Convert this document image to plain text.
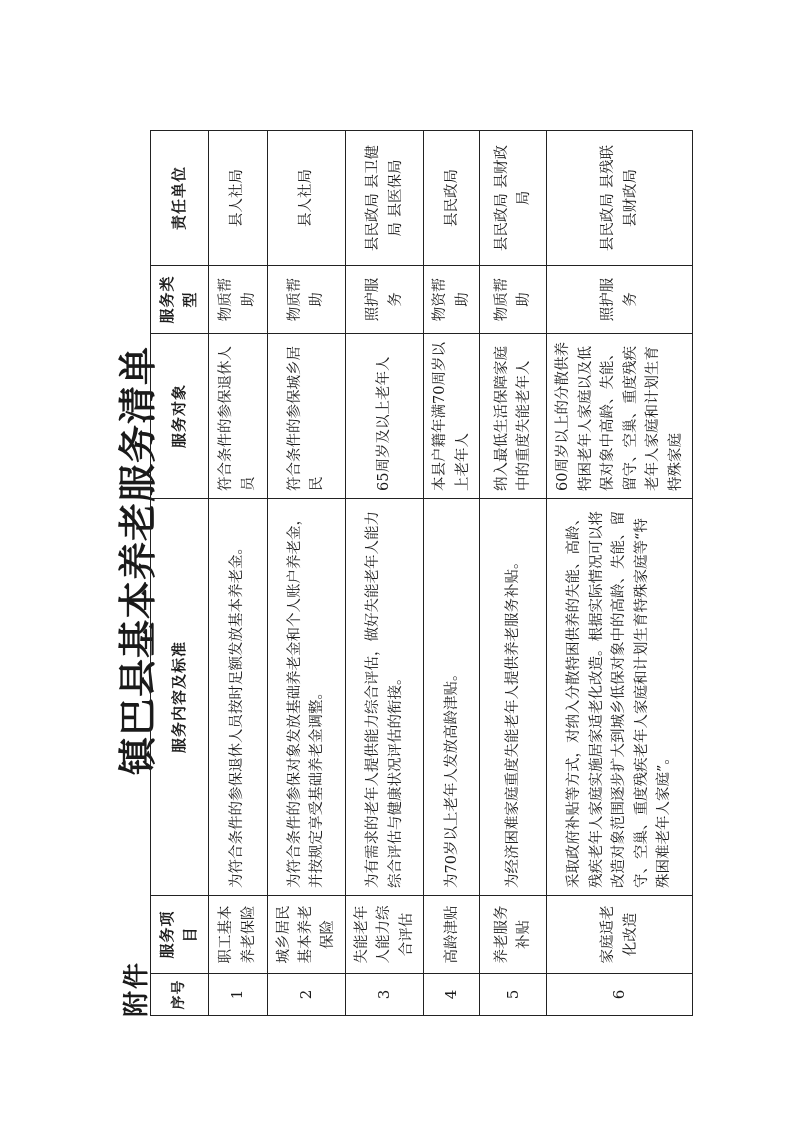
附件
镇巴县基本养老服务清单
序号	服务项目	服务内容及标准	服务对象	服务类型	责任单位
1	职工基本养老保险	为符合条件的参保退休人员按时足额发放基本养老金。	符合条件的参保退休人员	物质帮助	县人社局
2	城乡居民基本养老保险	为符合条件的参保对象发放基础养老金和个人账户养老金，并按规定享受基础养老金调整。	符合条件的参保城乡居民	物质帮助	县人社局
3	失能老年人能力综合评估	为有需求的老年人提供能力综合评估，做好失能老年人能力综合评估与健康状况评估的衔接。	65周岁及以上老年人	照护服务	县民政局 县卫健局 县医保局
4	高龄津贴	为70岁以上老年人发放高龄津贴。	本县户籍年满70周岁以上老年人	物资帮助	县民政局
5	养老服务补贴	为经济困难家庭重度失能老年人提供养老服务补贴。	纳入最低生活保障家庭中的重度失能老年人	物质帮助	县民政局 县财政局
6	家庭适老化改造	采取政府补贴等方式，对纳入分散特困供养的失能、高龄、残疾老年人家庭实施居家适老化改造。根据实际情况可以将改造对象范围逐步扩大到城乡低保对象中的高龄、失能、留守、空巢、重度残疾老年人家庭和计划生育特殊家庭等“特殊困难老年人家庭”。	60周岁以上的分散供养特困老年人家庭以及低保对象中高龄、失能、留守、空巢、重度残疾老年人家庭和计划生育特殊家庭	照护服务	县民政局 县残联 县财政局
